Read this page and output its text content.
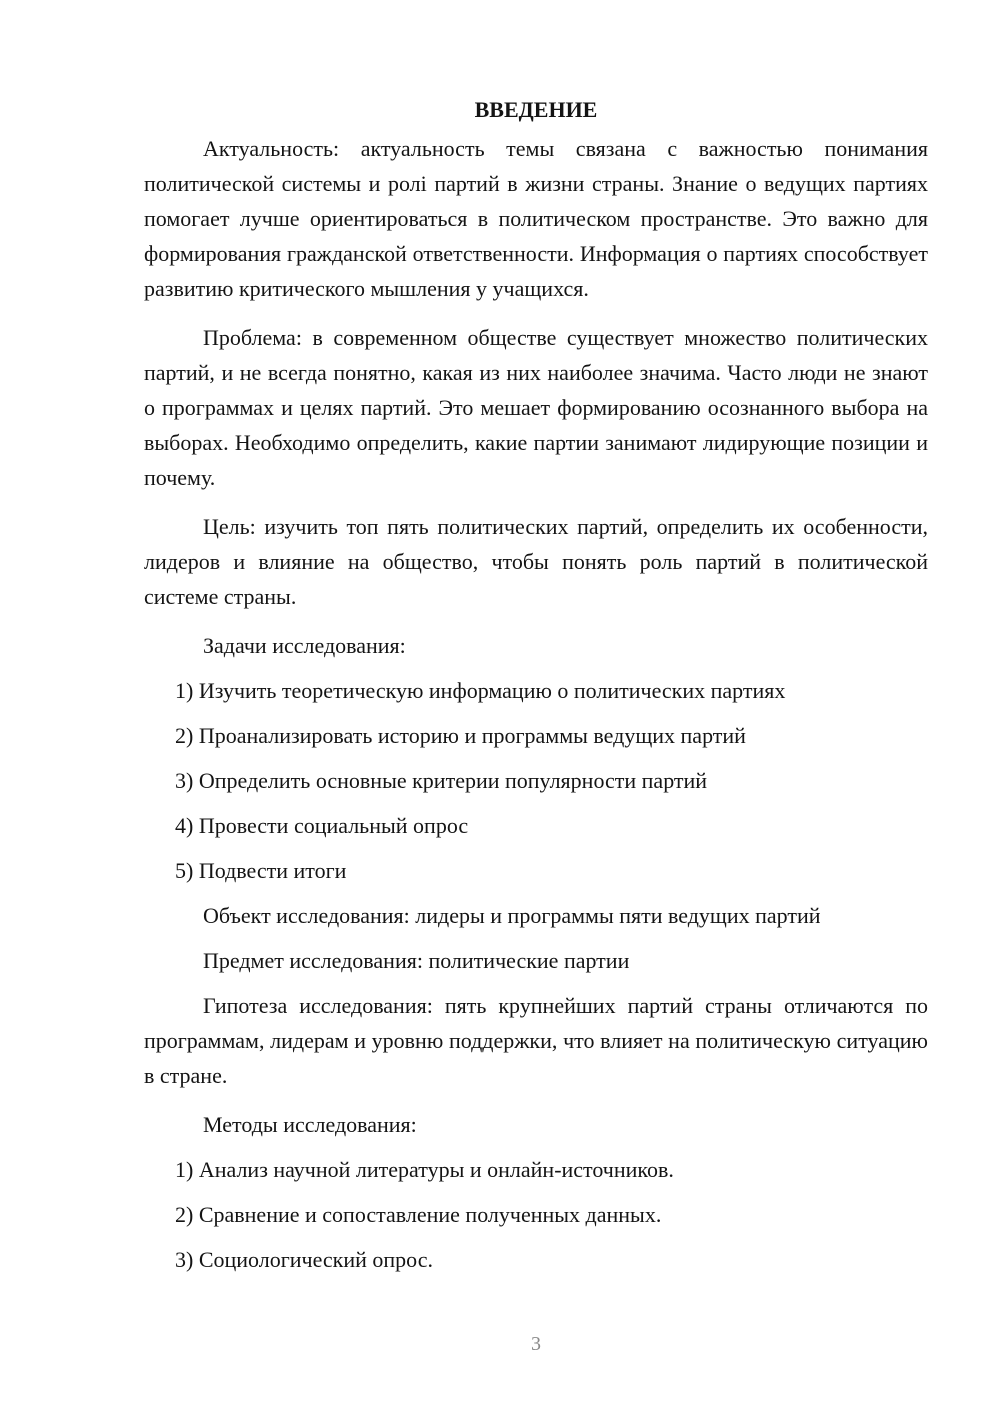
ВВЕДЕНИЕ

Актуальность: актуальность темы связана с важностью понимания политической системы и ролі партий в жизни страны. Знание о ведущих партиях помогает лучше ориентироваться в политическом пространстве. Это важно для формирования гражданской ответственности. Информация о партиях способствует развитию критического мышления у учащихся.

Проблема: в современном обществе существует множество политических партий, и не всегда понятно, какая из них наиболее значима. Часто люди не знают о программах и целях партий. Это мешает формированию осознанного выбора на выборах. Необходимо определить, какие партии занимают лидирующие позиции и почему.

Цель: изучить топ пять политических партий, определить их особенности, лидеров и влияние на общество, чтобы понять роль партий в политической системе страны.

Задачи исследования:
1) Изучить теоретическую информацию о политических партиях
2) Проанализировать историю и программы ведущих партий
3) Определить основные критерии популярности партий
4) Провести социальный опрос
5) Подвести итоги
Объект исследования: лидеры и программы пяти ведущих партий
Предмет исследования: политические партии

Гипотеза исследования: пять крупнейших партий страны отличаются по программам, лидерам и уровню поддержки, что влияет на политическую ситуацию в стране.

Методы исследования:
1) Анализ научной литературы и онлайн-источников.
2) Сравнение и сопоставление полученных данных.
3) Социологический опрос.
3
